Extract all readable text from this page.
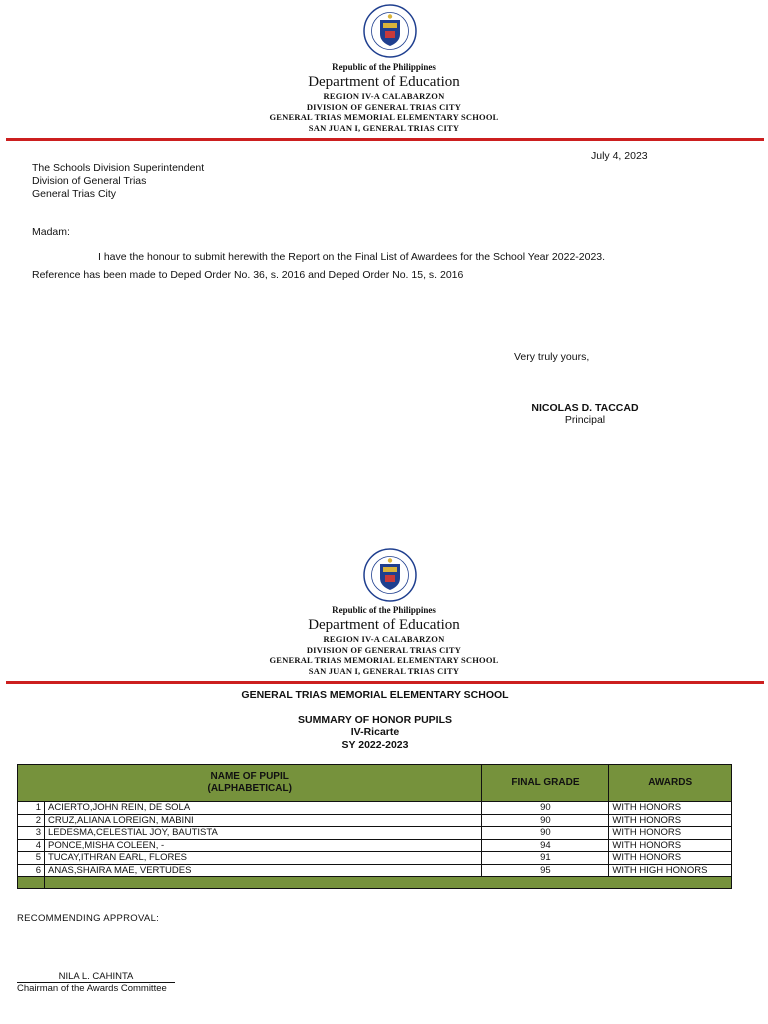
Republic of the Philippines
Department of Education
REGION IV-A CALABARZON
DIVISION OF GENERAL TRIAS CITY
GENERAL TRIAS MEMORIAL ELEMENTARY SCHOOL
SAN JUAN I, GENERAL TRIAS CITY
July 4, 2023
The Schools Division Superintendent
Division of General Trias
General Trias City
Madam:
I have the honour to submit herewith the Report on the Final List of Awardees for the School Year 2022-2023.
Reference has been made to Deped Order No. 36, s. 2016 and Deped Order No. 15, s. 2016
Very truly yours,
NICOLAS D. TACCAD
Principal
Republic of the Philippines
Department of Education
REGION IV-A CALABARZON
DIVISION OF GENERAL TRIAS CITY
GENERAL TRIAS MEMORIAL ELEMENTARY SCHOOL
SAN JUAN I, GENERAL TRIAS CITY
GENERAL TRIAS MEMORIAL ELEMENTARY SCHOOL
SUMMARY OF HONOR PUPILS
IV-Ricarte
SY 2022-2023
NAME OF PUPIL
(ALPHABETICAL)		FINAL GRADE	AWARDS
1	ACIERTO,JOHN REIN, DE SOLA	90	WITH HONORS
2	CRUZ,ALIANA LOREIGN, MABINI	90	WITH HONORS
3	LEDESMA,CELESTIAL JOY, BAUTISTA	90	WITH HONORS
4	PONCE,MISHA COLEEN, -	94	WITH HONORS
5	TUCAY,ITHRAN EARL, FLORES	91	WITH HONORS
6	ANAS,SHAIRA MAE, VERTUDES	95	WITH HIGH HONORS

RECOMMENDING APPROVAL:
NILA L. CAHINTA
Chairman of the Awards Committee
